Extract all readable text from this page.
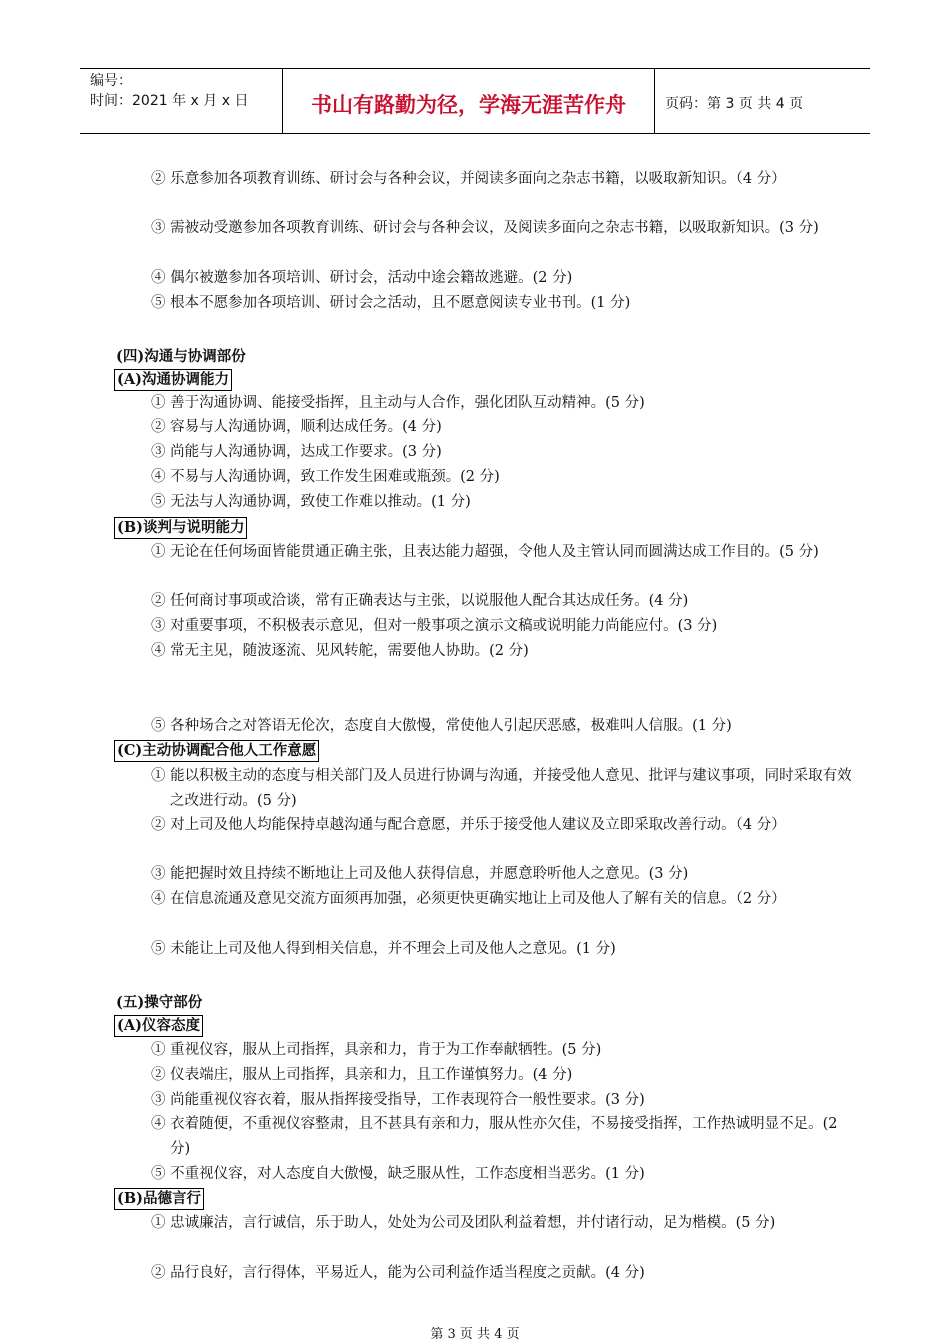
编号：
时间：2021 年 x 月 x 日	书山有路勤为径，学海无涯苦作舟	页码：第 3 页 共 4 页
② 乐意参加各项教育训练、研讨会与各种会议，并阅读多面向之杂志书籍，以吸取新知识。（4 分）
③ 需被动受邀参加各项教育训练、研讨会与各种会议，及阅读多面向之杂志书籍，以吸取新知识。(3 分)
④ 偶尔被邀参加各项培训、研讨会，活动中途会籍故逃避。(2 分)
⑤ 根本不愿参加各项培训、研讨会之活动，且不愿意阅读专业书刊。(1 分)
(四)沟通与协调部份
(A)沟通协调能力
① 善于沟通协调、能接受指挥，且主动与人合作，强化团队互动精神。(5 分)
② 容易与人沟通协调，顺利达成任务。(4 分)
③ 尚能与人沟通协调，达成工作要求。(3 分)
④ 不易与人沟通协调，致工作发生困难或瓶颈。(2 分)
⑤ 无法与人沟通协调，致使工作难以推动。(1 分)
(B)谈判与说明能力
① 无论在任何场面皆能贯通正确主张，且表达能力超强，令他人及主管认同而圆满达成工作目的。(5 分)
② 任何商讨事项或洽谈，常有正确表达与主张，以说服他人配合其达成任务。(4 分)
③ 对重要事项，不积极表示意见，但对一般事项之演示文稿或说明能力尚能应付。(3 分)
④ 常无主见，随波逐流、见风转舵，需要他人协助。(2 分)
⑤ 各种场合之对答语无伦次，态度自大傲慢，常使他人引起厌恶感，极难叫人信服。(1 分)
(C)主动协调配合他人工作意愿
① 能以积极主动的态度与相关部门及人员进行协调与沟通，并接受他人意见、批评与建议事项，同时采取有效之改进行动。(5 分)
② 对上司及他人均能保持卓越沟通与配合意愿，并乐于接受他人建议及立即采取改善行动。（4 分）
③ 能把握时效且持续不断地让上司及他人获得信息，并愿意聆听他人之意见。(3 分)
④ 在信息流通及意见交流方面须再加强，必须更快更确实地让上司及他人了解有关的信息。（2 分）
⑤ 未能让上司及他人得到相关信息，并不理会上司及他人之意见。(1 分)
(五)操守部份
(A)仪容态度
① 重视仪容，服从上司指挥，具亲和力，肯于为工作奉献牺牲。(5 分)
② 仪表端庄，服从上司指挥，具亲和力，且工作谨慎努力。(4 分)
③ 尚能重视仪容衣着，服从指挥接受指导，工作表现符合一般性要求。(3 分)
④ 衣着随便，不重视仪容整肃，且不甚具有亲和力，服从性亦欠佳，不易接受指挥，工作热诚明显不足。(2 分)
⑤ 不重视仪容，对人态度自大傲慢，缺乏服从性，工作态度相当恶劣。(1 分)
(B)品德言行
① 忠诚廉洁，言行诚信，乐于助人，处处为公司及团队利益着想，并付诸行动，足为楷模。(5 分)
② 品行良好，言行得体，平易近人，能为公司利益作适当程度之贡献。(4 分)
第 3 页 共 4 页
